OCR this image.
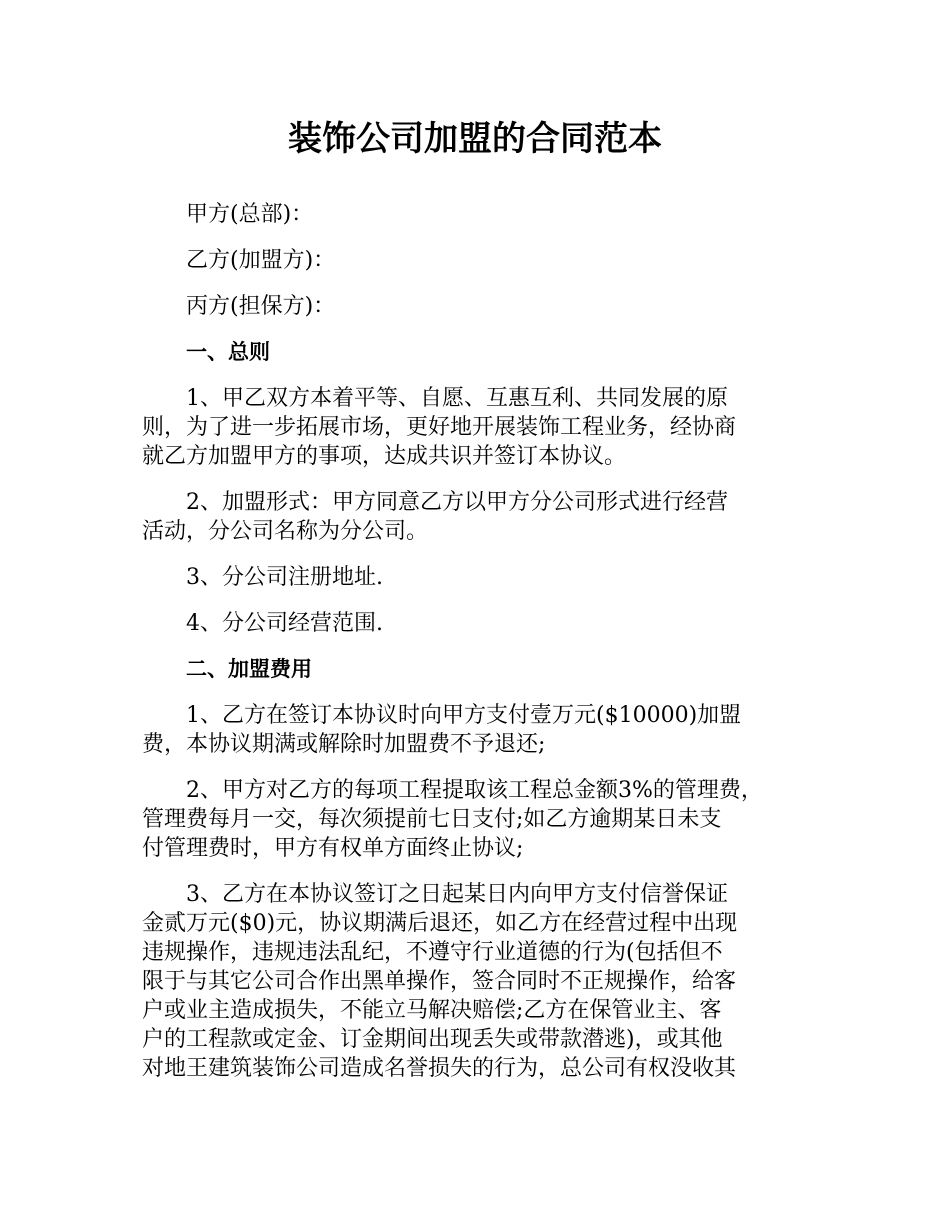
装饰公司加盟的合同范本
甲方(总部)：
乙方(加盟方)：
丙方(担保方)：
一、总则
1、甲乙双方本着平等、自愿、互惠互利、共同发展的原
则，为了进一步拓展市场，更好地开展装饰工程业务，经协商
就乙方加盟甲方的事项，达成共识并签订本协议。
2、加盟形式：甲方同意乙方以甲方分公司形式进行经营
活动，分公司名称为分公司。
3、分公司注册地址.
4、分公司经营范围.
二、加盟费用
1、乙方在签订本协议时向甲方支付壹万元($10000)加盟
费，本协议期满或解除时加盟费不予退还;
2、甲方对乙方的每项工程提取该工程总金额3%的管理费，
管理费每月一交，每次须提前七日支付;如乙方逾期某日未支
付管理费时，甲方有权单方面终止协议;
3、乙方在本协议签订之日起某日内向甲方支付信誉保证
金贰万元($0)元，协议期满后退还，如乙方在经营过程中出现
违规操作，违规违法乱纪，不遵守行业道德的行为(包括但不
限于与其它公司合作出黑单操作，签合同时不正规操作，给客
户或业主造成损失，不能立马解决赔偿;乙方在保管业主、客
户的工程款或定金、订金期间出现丢失或带款潜逃)，或其他
对地王建筑装饰公司造成名誉损失的行为，总公司有权没收其
